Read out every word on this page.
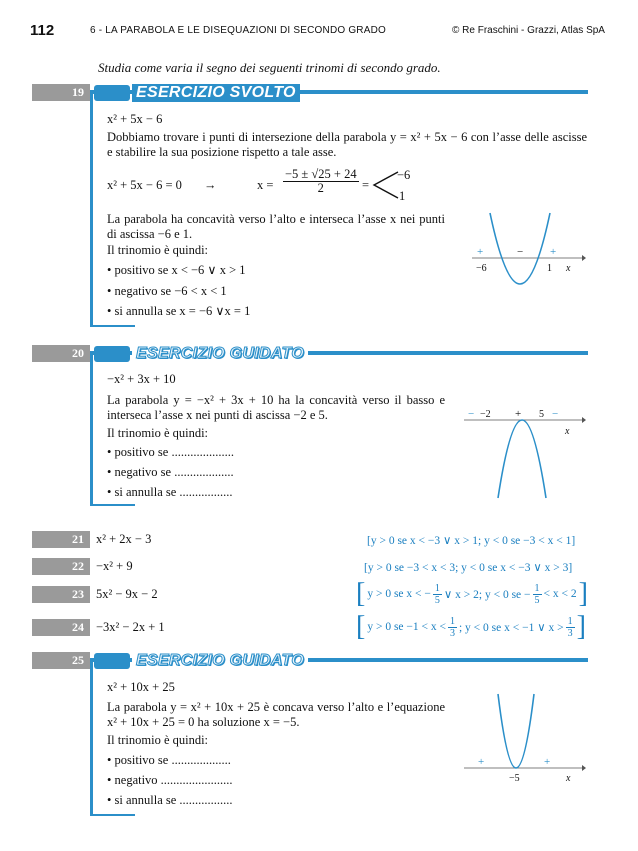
112	6 - LA PARABOLA E LE DISEQUAZIONI DI SECONDO GRADO	© Re Fraschini - Grazzi, Atlas SpA
Studia come varia il segno dei seguenti trinomi di secondo grado.
19	ESERCIZIO SVOLTO
x² + 5x − 6
Dobbiamo trovare i punti di intersezione della parabola y = x² + 5x − 6 con l’asse delle ascisse e stabilire la sua posizione rispetto a tale asse.
x² + 5x − 6 = 0 →	$x = \frac{-5 \pm √25 + 24}{2}$ =
−6
1
La parabola ha concavità verso l’alto e interseca l’asse x nei punti di ascissa −6 e 1.
Il trinomio è quindi:
• positivo se x < −6 ∨ x > 1
• negativo se −6 < x < 1
• si annulla se x = −6 ∨x = 1
+	− +
−6	1 x
20	ESERCIZIO GUIDATO
−x² + 3x + 10
La parabola y = −x² + 3x + 10 ha la concavità verso il basso e interseca l’asse x nei punti di ascissa −2 e 5.
Il trinomio è quindi:
• positivo se ....................
• negativo se ...................
• si annulla se .................
−	+	−
−2	5
x
21 x² + 2x − 3	[y > 0 se x < −3 ∨ x > 1; y < 0 se −3 < x < 1]
22 −x² + 9	[y > 0 se −3 < x < 3; y < 0 se x < −3 ∨ x > 3]
23 5x² − 9x − 2	[ y > 0 se x < − $\frac{1}{5}$ ∨ x > 2; y < 0 se − $\frac{1}{5} < x < 2$ ]
24 −3x² − 2x + 1	[ y > 0 se $-1 < x < \frac{1}{3}$ ; y < 0 se x < −1 ∨ $x > \frac{1}{3}$ ]
25	ESERCIZIO GUIDATO
x² + 10x + 25
La parabola y = x² + 10x + 25 è concava verso l’alto e l’equazione x² + 10x + 25 = 0 ha soluzione x = −5.
Il trinomio è quindi:
• positivo se ...................
• negativo .......................
• si annulla se .................
+	+
−5	x
